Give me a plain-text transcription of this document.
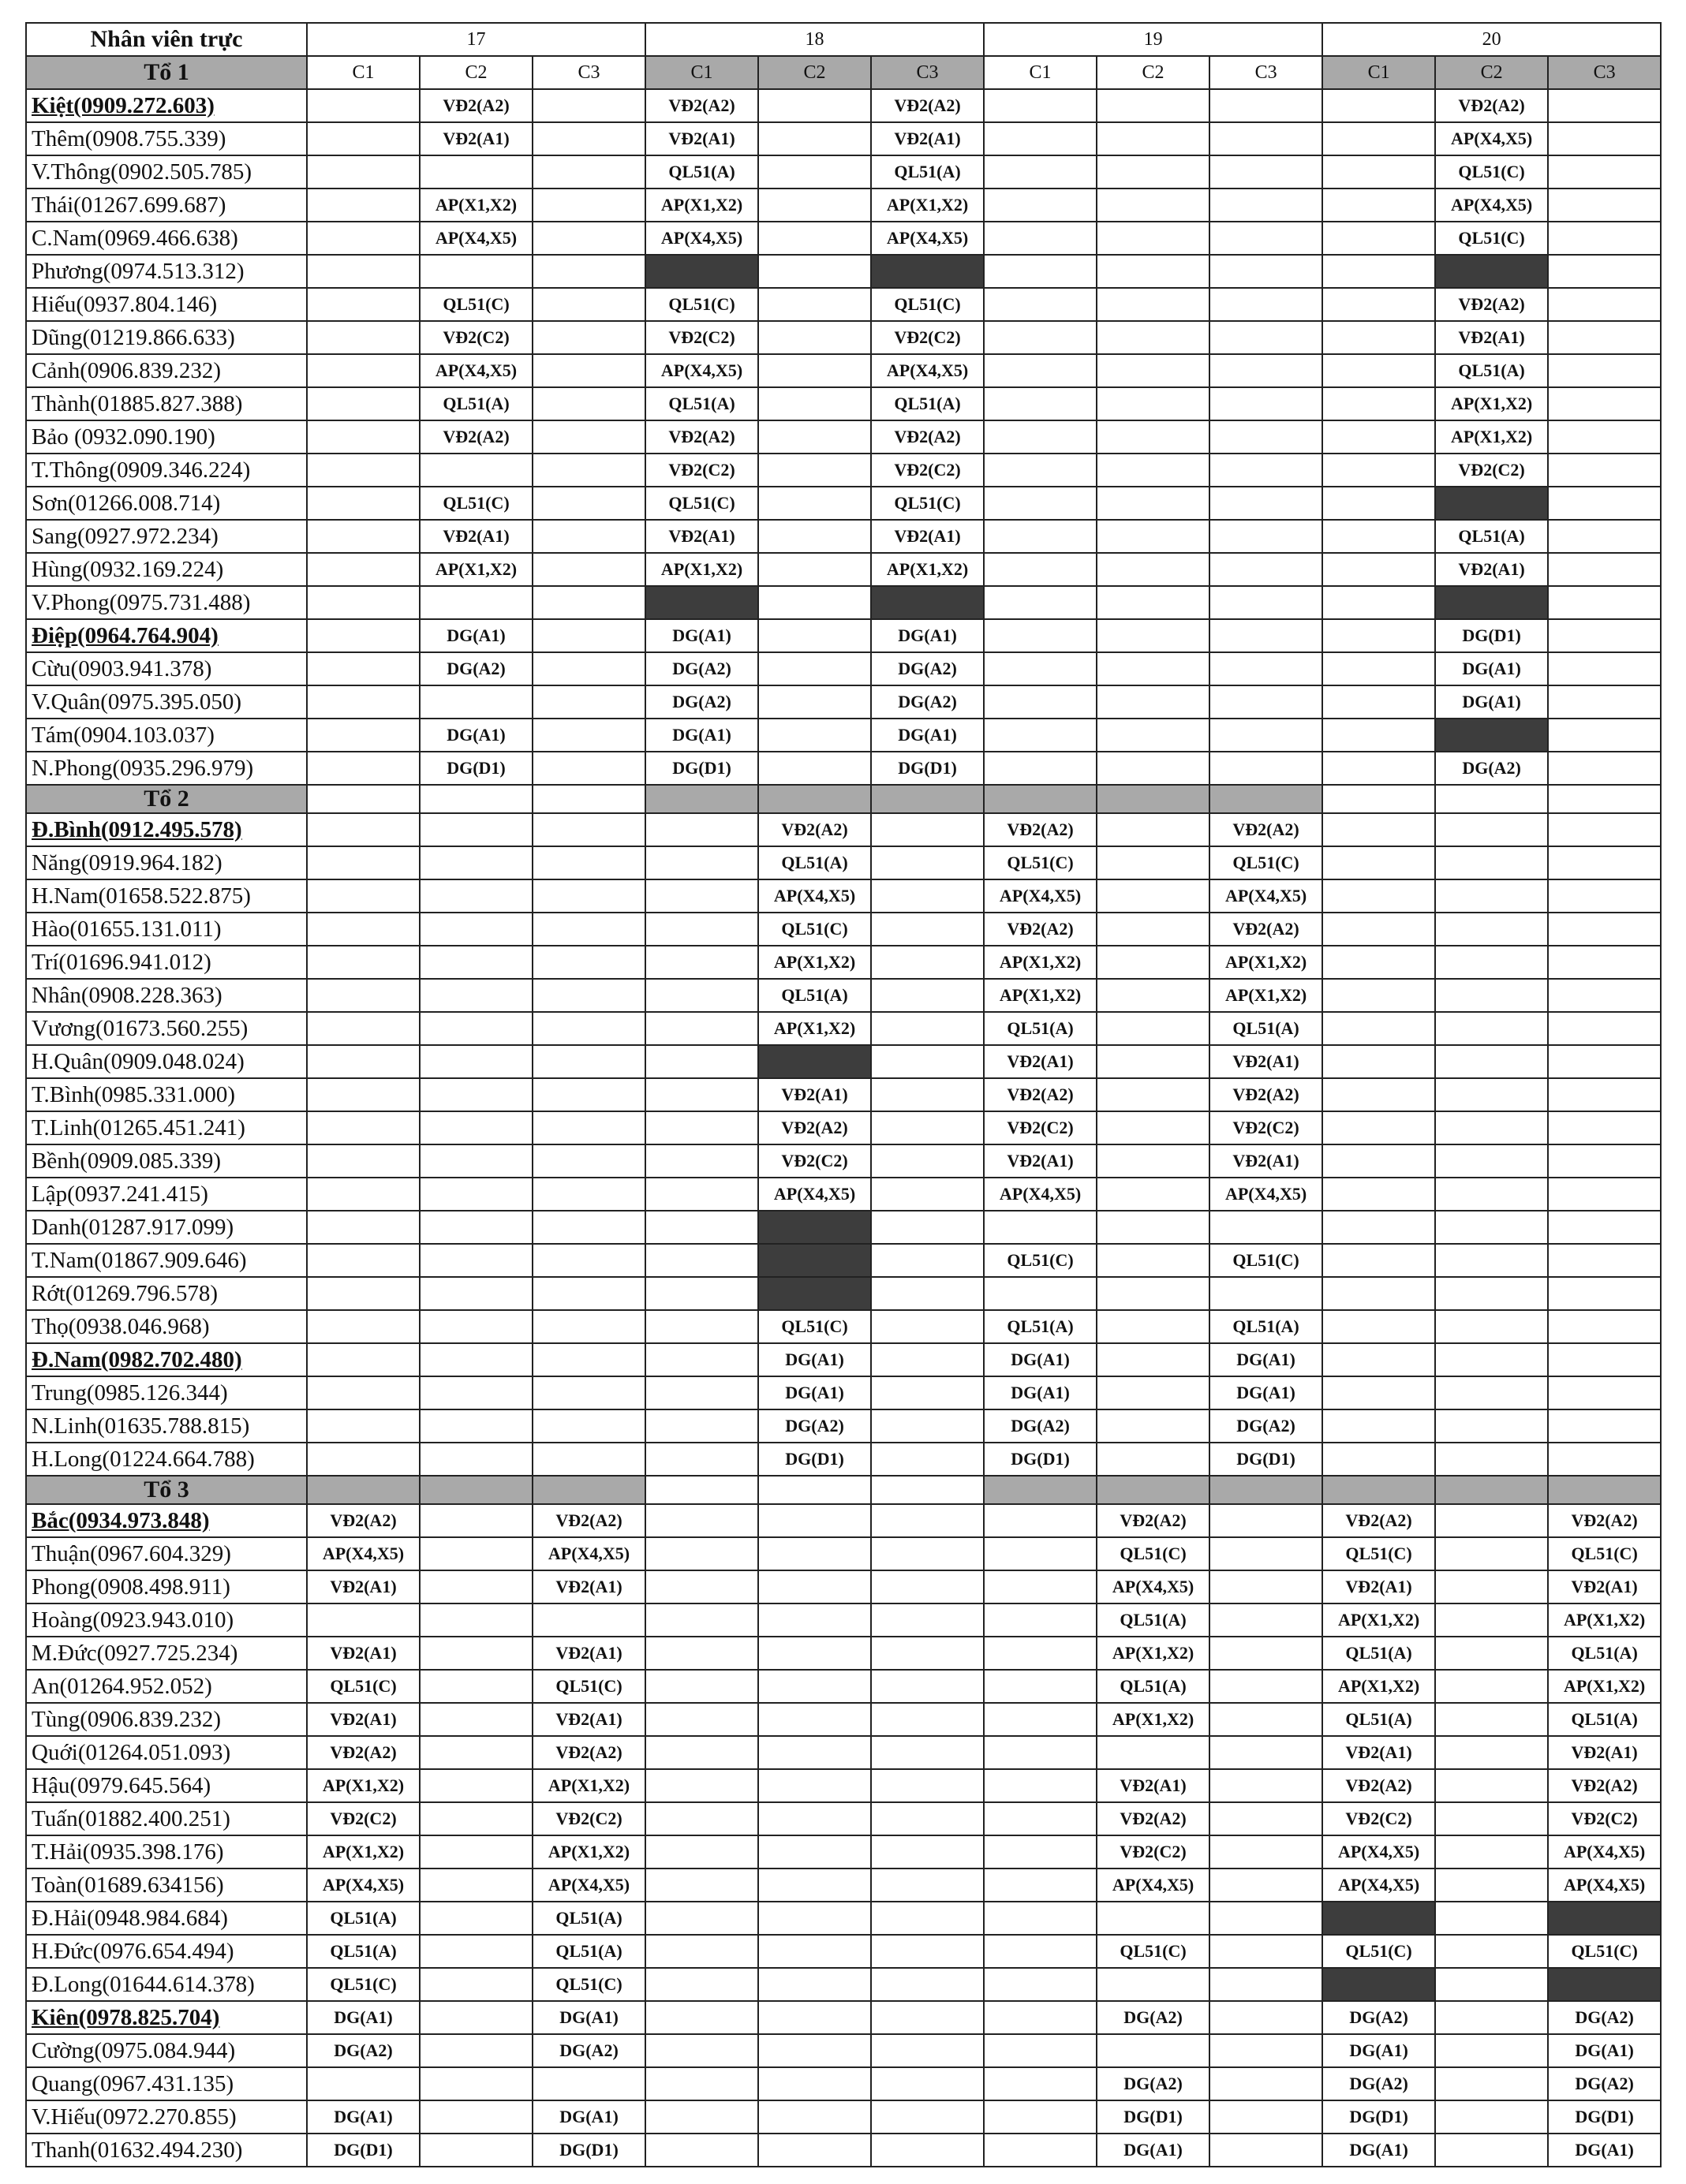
Nhân viên trực	17			18			19			20		
Tổ 1	C1	C2	C3	C1	C2	C3	C1	C2	C3	C1	C2	C3
Kiệt(0909.272.603)		VĐ2(A2)		VĐ2(A2)		VĐ2(A2)					VĐ2(A2)	
Thêm(0908.755.339)		VĐ2(A1)		VĐ2(A1)		VĐ2(A1)					AP(X4,X5)	
V.Thông(0902.505.785)				QL51(A)		QL51(A)					QL51(C)	
Thái(01267.699.687)		AP(X1,X2)		AP(X1,X2)		AP(X1,X2)					AP(X4,X5)	
C.Nam(0969.466.638)		AP(X4,X5)		AP(X4,X5)		AP(X4,X5)					QL51(C)	
Phương(0974.513.312)												
Hiếu(0937.804.146)		QL51(C)		QL51(C)		QL51(C)					VĐ2(A2)	
Dũng(01219.866.633)		VĐ2(C2)		VĐ2(C2)		VĐ2(C2)					VĐ2(A1)	
Cảnh(0906.839.232)		AP(X4,X5)		AP(X4,X5)		AP(X4,X5)					QL51(A)	
Thành(01885.827.388)		QL51(A)		QL51(A)		QL51(A)					AP(X1,X2)	
Bảo (0932.090.190)		VĐ2(A2)		VĐ2(A2)		VĐ2(A2)					AP(X1,X2)	
T.Thông(0909.346.224)				VĐ2(C2)		VĐ2(C2)					VĐ2(C2)	
Sơn(01266.008.714)		QL51(C)		QL51(C)		QL51(C)						
Sang(0927.972.234)		VĐ2(A1)		VĐ2(A1)		VĐ2(A1)					QL51(A)	
Hùng(0932.169.224)		AP(X1,X2)		AP(X1,X2)		AP(X1,X2)					VĐ2(A1)	
V.Phong(0975.731.488)												
Điệp(0964.764.904)		DG(A1)		DG(A1)		DG(A1)					DG(D1)	
Cừu(0903.941.378)		DG(A2)		DG(A2)		DG(A2)					DG(A1)	
V.Quân(0975.395.050)				DG(A2)		DG(A2)					DG(A1)	
Tám(0904.103.037)		DG(A1)		DG(A1)		DG(A1)						
N.Phong(0935.296.979)		DG(D1)		DG(D1)		DG(D1)					DG(A2)	
Tổ 2												
Đ.Bình(0912.495.578)					VĐ2(A2)		VĐ2(A2)		VĐ2(A2)			
Năng(0919.964.182)					QL51(A)		QL51(C)		QL51(C)			
H.Nam(01658.522.875)					AP(X4,X5)		AP(X4,X5)		AP(X4,X5)			
Hào(01655.131.011)					QL51(C)		VĐ2(A2)		VĐ2(A2)			
Trí(01696.941.012)					AP(X1,X2)		AP(X1,X2)		AP(X1,X2)			
Nhân(0908.228.363)					QL51(A)		AP(X1,X2)		AP(X1,X2)			
Vương(01673.560.255)					AP(X1,X2)		QL51(A)		QL51(A)			
H.Quân(0909.048.024)							VĐ2(A1)		VĐ2(A1)			
T.Bình(0985.331.000)					VĐ2(A1)		VĐ2(A2)		VĐ2(A2)			
T.Linh(01265.451.241)					VĐ2(A2)		VĐ2(C2)		VĐ2(C2)			
Bềnh(0909.085.339)					VĐ2(C2)		VĐ2(A1)		VĐ2(A1)			
Lập(0937.241.415)					AP(X4,X5)		AP(X4,X5)		AP(X4,X5)			
Danh(01287.917.099)												
T.Nam(01867.909.646)							QL51(C)		QL51(C)			
Rớt(01269.796.578)												
Thọ(0938.046.968)					QL51(C)		QL51(A)		QL51(A)			
Đ.Nam(0982.702.480)					DG(A1)		DG(A1)		DG(A1)			
Trung(0985.126.344)					DG(A1)		DG(A1)		DG(A1)			
N.Linh(01635.788.815)					DG(A2)		DG(A2)		DG(A2)			
H.Long(01224.664.788)					DG(D1)		DG(D1)		DG(D1)			
Tổ 3												
Bắc(0934.973.848)	VĐ2(A2)		VĐ2(A2)					VĐ2(A2)		VĐ2(A2)		VĐ2(A2)
Thuận(0967.604.329)	AP(X4,X5)		AP(X4,X5)					QL51(C)		QL51(C)		QL51(C)
Phong(0908.498.911)	VĐ2(A1)		VĐ2(A1)					AP(X4,X5)		VĐ2(A1)		VĐ2(A1)
Hoàng(0923.943.010)								QL51(A)		AP(X1,X2)		AP(X1,X2)
M.Đức(0927.725.234)	VĐ2(A1)		VĐ2(A1)					AP(X1,X2)		QL51(A)		QL51(A)
An(01264.952.052)	QL51(C)		QL51(C)					QL51(A)		AP(X1,X2)		AP(X1,X2)
Tùng(0906.839.232)	VĐ2(A1)		VĐ2(A1)					AP(X1,X2)		QL51(A)		QL51(A)
Quới(01264.051.093)	VĐ2(A2)		VĐ2(A2)							VĐ2(A1)		VĐ2(A1)
Hậu(0979.645.564)	AP(X1,X2)		AP(X1,X2)					VĐ2(A1)		VĐ2(A2)		VĐ2(A2)
Tuấn(01882.400.251)	VĐ2(C2)		VĐ2(C2)					VĐ2(A2)		VĐ2(C2)		VĐ2(C2)
T.Hải(0935.398.176)	AP(X1,X2)		AP(X1,X2)					VĐ2(C2)		AP(X4,X5)		AP(X4,X5)
Toàn(01689.634156)	AP(X4,X5)		AP(X4,X5)					AP(X4,X5)		AP(X4,X5)		AP(X4,X5)
Đ.Hải(0948.984.684)	QL51(A)		QL51(A)									
H.Đức(0976.654.494)	QL51(A)		QL51(A)					QL51(C)		QL51(C)		QL51(C)
Đ.Long(01644.614.378)	QL51(C)		QL51(C)									
Kiên(0978.825.704)	DG(A1)		DG(A1)					DG(A2)		DG(A2)		DG(A2)
Cường(0975.084.944)	DG(A2)		DG(A2)							DG(A1)		DG(A1)
Quang(0967.431.135)								DG(A2)		DG(A2)		DG(A2)
V.Hiếu(0972.270.855)	DG(A1)		DG(A1)					DG(D1)		DG(D1)		DG(D1)
Thanh(01632.494.230)	DG(D1)		DG(D1)					DG(A1)		DG(A1)		DG(A1)
